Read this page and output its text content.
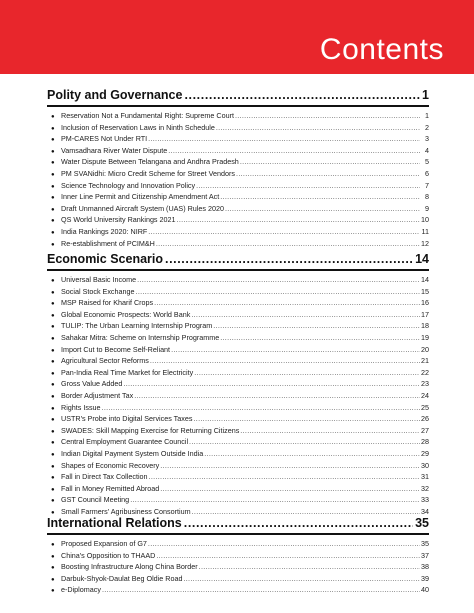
Contents
Polity and Governance .....	1
● Reservation Not a Fundamental Right: Supreme Court .....	1
● Inclusion of Reservation Laws in Ninth Schedule .....	2
● PM-CARES Not Under RTI .....	3
● Vamsadhara River Water Dispute .....	4
● Water Dispute Between Telangana and Andhra Pradesh .....	5
● PM SVANidhi: Micro Credit Scheme for Street Vendors .....	6
● Science Technology and Innovation Policy .....	7
● Inner Line Permit and Citizenship Amendment Act .....	8
● Draft Unmanned Aircraft System (UAS) Rules 2020 .....	9
● QS World University Rankings 2021 .....	10
● India Rankings 2020: NIRF .....	11
● Re-establishment of PCIM&H .....	12
Economic Scenario .....	14
● Universal Basic Income .....	14
● Social Stock Exchange .....	15
● MSP Raised for Kharif Crops .....	16
● Global Economic Prospects: World Bank .....	17
● TULIP: The Urban Learning Internship Program .....	18
● Sahakar Mitra: Scheme on Internship Programme .....	19
● Import Cut to Become Self-Reliant .....	20
● Agricultural Sector Reforms .....	21
● Pan-India Real Time Market for Electricity .....	22
● Gross Value Added .....	23
● Border Adjustment Tax .....	24
● Rights Issue .....	25
● USTR's Probe into Digital Services Taxes .....	26
● SWADES: Skill Mapping Exercise for Returning Citizens .....	27
● Central Employment Guarantee Council .....	28
● Indian Digital Payment System Outside India .....	29
● Shapes of Economic Recovery .....	30
● Fall in Direct Tax Collection .....	31
● Fall in Money Remitted Abroad .....	32
● GST Council Meeting .....	33
● Small Farmers' Agribusiness Consortium .....	34
International Relations .....	35
● Proposed Expansion of G7 .....	35
● China's Opposition to THAAD .....	37
● Boosting Infrastructure Along China Border .....	38
● Darbuk-Shyok-Daulat Beg Oldie Road .....	39
● e-Diplomacy .....	40
